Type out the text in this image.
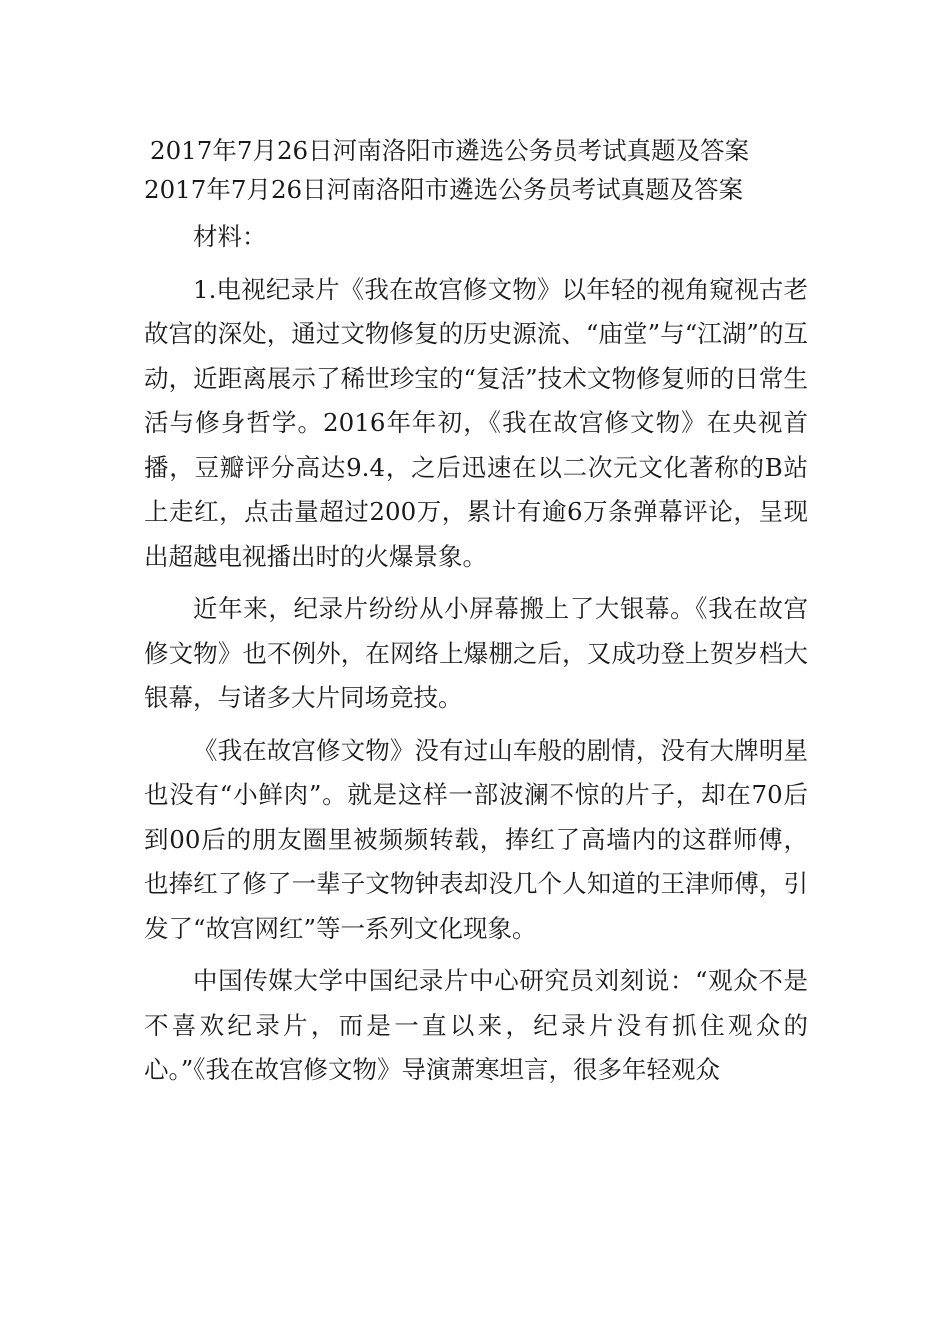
2017年7月26日河南洛阳市遴选公务员考试真题及答案
2017年7月26日河南洛阳市遴选公务员考试真题及答案

材料：

1.电视纪录片《我在故宫修文物》以年轻的视角窥视古老故宫的深处，通过文物修复的历史源流、“庙堂”与“江湖”的互动，近距离展示了稀世珍宝的“复活”技术文物修复师的日常生活与修身哲学。2016年年初，《我在故宫修文物》在央视首播，豆瓣评分高达9.4，之后迅速在以二次元文化著称的B站上走红，点击量超过200万，累计有逾6万条弹幕评论，呈现出超越电视播出时的火爆景象。

近年来，纪录片纷纷从小屏幕搬上了大银幕。《我在故宫修文物》也不例外，在网络上爆棚之后，又成功登上贺岁档大银幕，与诸多大片同场竞技。

《我在故宫修文物》没有过山车般的剧情，没有大牌明星也没有“小鲜肉”。就是这样一部波澜不惊的片子，却在70后到00后的朋友圈里被频频转载，捧红了高墙内的这群师傅，也捧红了修了一辈子文物钟表却没几个人知道的王津师傅，引发了“故宫网红”等一系列文化现象。

中国传媒大学中国纪录片中心研究员刘刻说：“观众不是不喜欢纪录片，而是一直以来，纪录片没有抓住观众的心。”《我在故宫修文物》导演萧寒坦言，很多年轻观众
